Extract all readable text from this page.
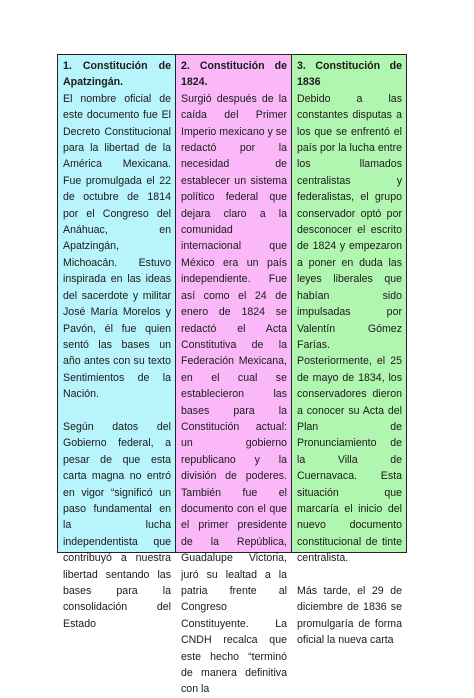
1. Constitución de
Apatzingán.
El nombre oficial de este documento fue El Decreto Constitucional para la libertad de la América Mexicana. Fue promulgada el 22 de octubre de 1814 por el Congreso del Anáhuac, en Apatzingán, Michoacán. Estuvo inspirada en las ideas del sacerdote y militar José María Morelos y Pavón, él fue quien sentó las bases un año antes con su texto Sentimientos de la Nación.
Según datos del Gobierno federal, a pesar de que esta carta magna no entró en vigor “significó un paso fundamental en la lucha independentista que contribuyó a nuestra libertad sentando las bases para la consolidación del Estado
2. Constitución de
1824.
Surgió después de la caída del Primer Imperio mexicano y se redactó por la necesidad de establecer un sistema político federal que dejara claro a la comunidad internacional que México era un país independiente. Fue así como el 24 de enero de 1824 se redactó el Acta Constitutiva de la Federación Mexicana, en el cual se establecieron las bases para la Constitución actual: un gobierno republicano y la división de poderes. También fue el documento con el que el primer presidente de la República, Guadalupe Victoria, juró su lealtad a la patria frente al Congreso Constituyente. La CNDH recalca que este hecho “terminó de manera definitiva con la
3. Constitución de
1836
Debido a las constantes disputas a los que se enfrentó el país por la lucha entre los llamados centralistas y federalistas, el grupo conservador optó por desconocer el escrito de 1824 y empezaron a poner en duda las leyes liberales que habían sido impulsadas por Valentín Gómez Farías.
Posteriormente, el 25 de mayo de 1834, los conservadores dieron a conocer su Acta del Plan de Pronunciamiento de la Villa de Cuernavaca. Esta situación que marcaría el inicio del nuevo documento constitucional de tinte centralista.
Más tarde, el 29 de diciembre de 1836 se promulgaría de forma oficial la nueva carta
